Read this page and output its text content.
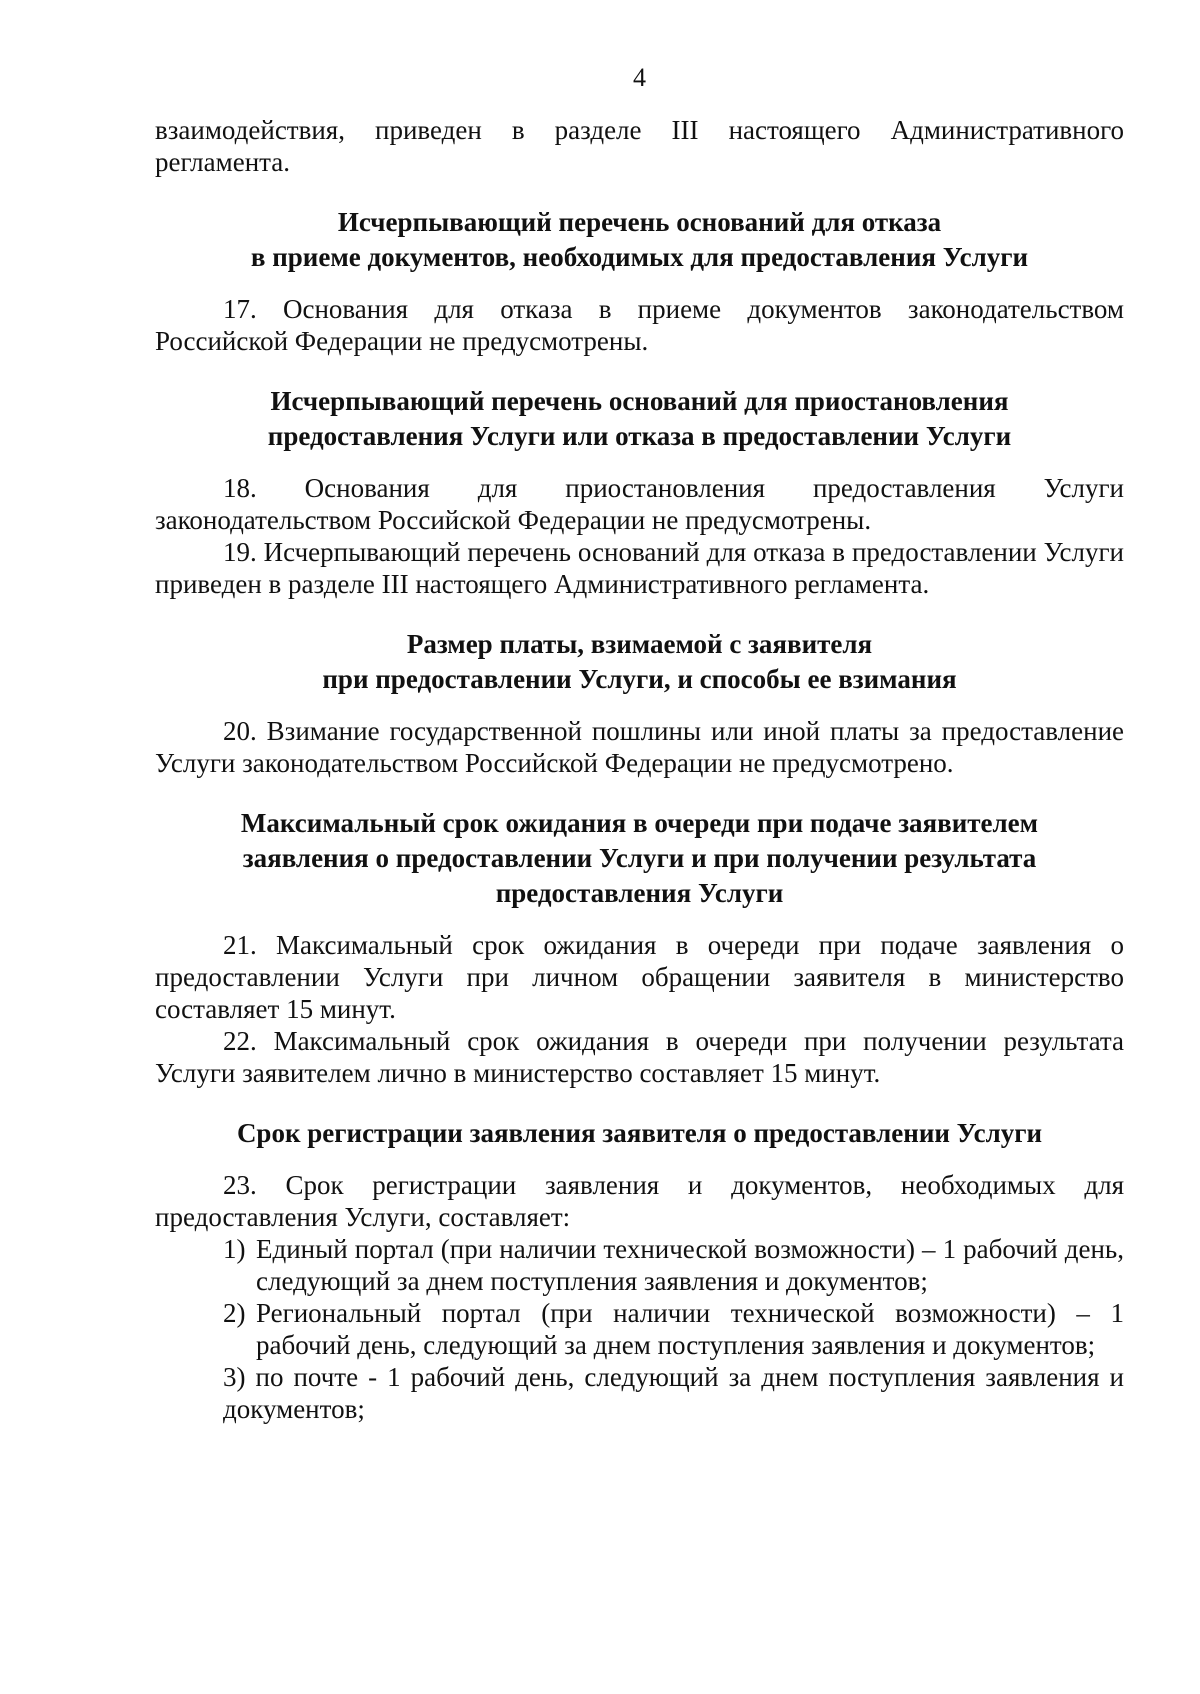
4

взаимодействия, приведен в разделе III настоящего Административного регламента.

Исчерпывающий перечень оснований для отказа
в приеме документов, необходимых для предоставления Услуги

17. Основания для отказа в приеме документов законодательством Российской Федерации не предусмотрены.

Исчерпывающий перечень оснований для приостановления
предоставления Услуги или отказа в предоставлении Услуги

18. Основания для приостановления предоставления Услуги законодательством Российской Федерации не предусмотрены.

19. Исчерпывающий перечень оснований для отказа в предоставлении Услуги приведен в разделе III настоящего Административного регламента.

Размер платы, взимаемой с заявителя
при предоставлении Услуги, и способы ее взимания

20. Взимание государственной пошлины или иной платы за предоставление Услуги законодательством Российской Федерации не предусмотрено.

Максимальный срок ожидания в очереди при подаче заявителем
заявления о предоставлении Услуги и при получении результата
предоставления Услуги

21. Максимальный срок ожидания в очереди при подаче заявления о предоставлении Услуги при личном обращении заявителя в министерство составляет 15 минут.

22. Максимальный срок ожидания в очереди при получении результата Услуги заявителем лично в министерство составляет 15 минут.

Срок регистрации заявления заявителя о предоставлении Услуги

23. Срок регистрации заявления и документов, необходимых для предоставления Услуги, составляет:

1) Единый портал (при наличии технической возможности) – 1 рабочий день, следующий за днем поступления заявления и документов;
2) Региональный портал (при наличии технической возможности) – 1 рабочий день, следующий за днем поступления заявления и документов;

3) по почте - 1 рабочий день, следующий за днем поступления заявления и документов;
